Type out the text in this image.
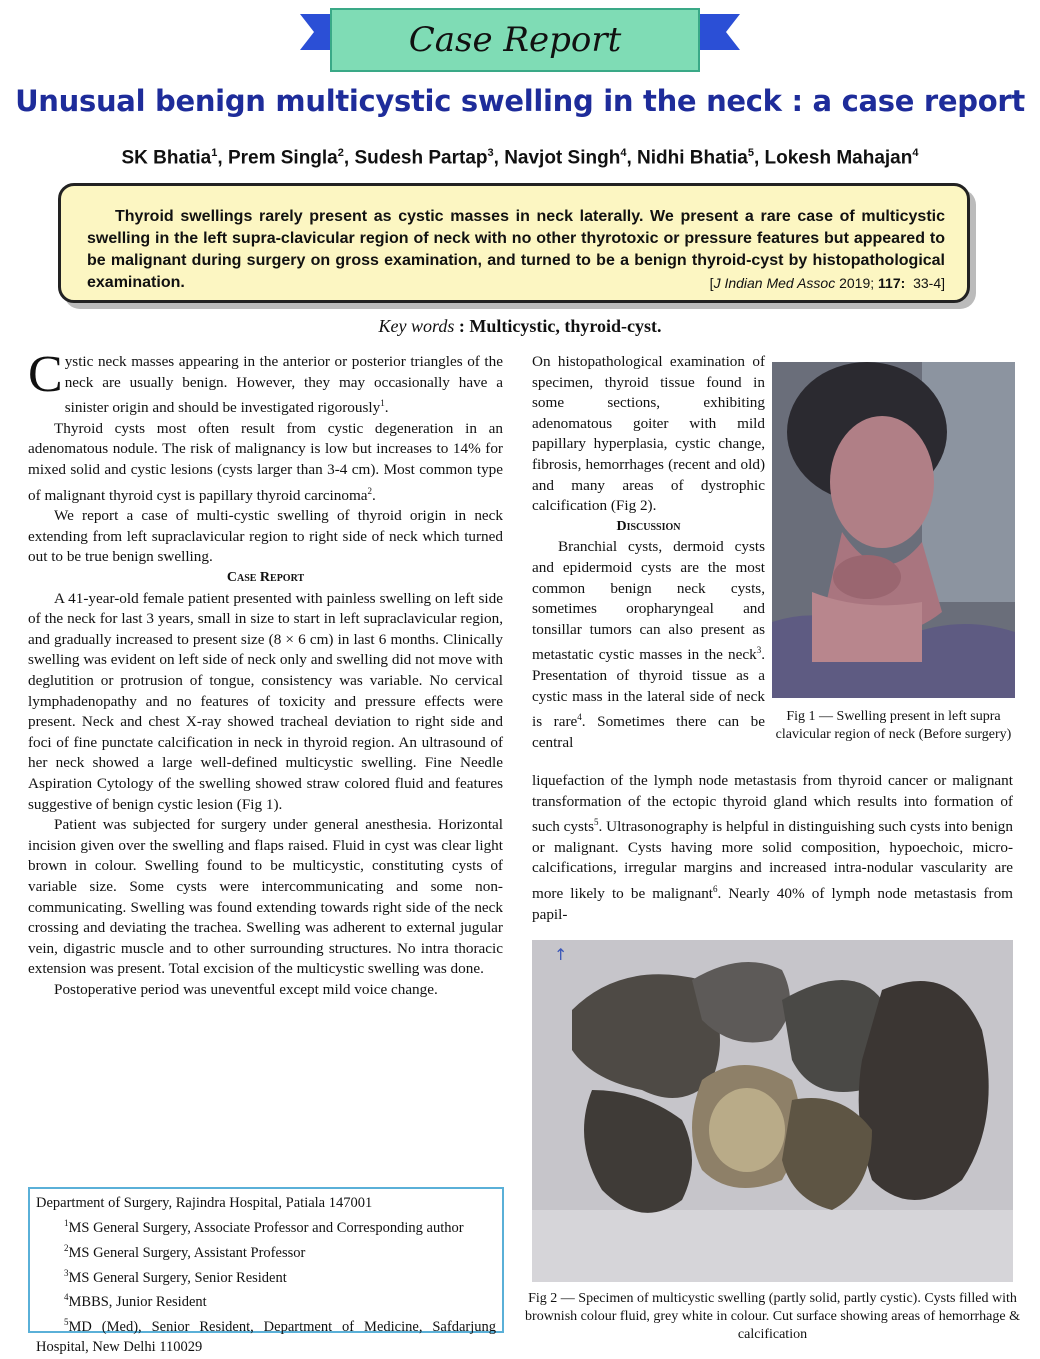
Case Report
Unusual benign multicystic swelling in the neck : a case report
SK Bhatia$^1$, Prem Singla$^2$, Sudesh Partap$^3$, Navjot Singh$^4$, Nidhi Bhatia$^5$, Lokesh Mahajan$^4$
Thyroid swellings rarely present as cystic masses in neck laterally. We present a rare case of multicystic swelling in the left supra-clavicular region of neck with no other thyrotoxic or pressure features but appeared to be malignant during surgery on gross examination, and turned to be a benign thyroid-cyst by histopathological examination.	[J Indian Med Assoc 2019; 117: 33-4]
Key words : Multicystic, thyroid-cyst.

Cystic neck masses appearing in the anterior or posterior triangles of the neck are usually benign. However, they may occasionally have a sinister origin and should be investigated rigorously$^1$.

Thyroid cysts most often result from cystic degeneration in an adenomatous nodule. The risk of malignancy is low but increases to 14% for mixed solid and cystic lesions (cysts larger than 3-4 cm). Most common type of malignant thyroid cyst is papillary thyroid carcinoma$^2$.

We report a case of multi-cystic swelling of thyroid origin in neck extending from left supraclavicular region to right side of neck which turned out to be true benign swelling.

Case Report

A 41-year-old female patient presented with painless swelling on left side of the neck for last 3 years, small in size to start in left supraclavicular region, and gradually increased to present size (8 × 6 cm) in last 6 months. Clinically swelling was evident on left side of neck only and swelling did not move with deglutition or protrusion of tongue, consistency was variable. No cervical lymphadenopathy and no features of toxicity and pressure effects were present. Neck and chest X-ray showed tracheal deviation to right side and foci of fine punctate calcification in neck in thyroid region. An ultrasound of her neck showed a large well-defined multicystic swelling. Fine Needle Aspiration Cytology of the swelling showed straw colored fluid and features suggestive of benign cystic lesion (Fig 1).

Patient was subjected for surgery under general anesthesia. Horizontal incision given over the swelling and flaps raised. Fluid in cyst was clear light brown in colour. Swelling found to be multicystic, constituting cysts of variable size. Some cysts were intercommunicating and some non-communicating. Swelling was found extending towards right side of the neck crossing and deviating the trachea. Swelling was adherent to external jugular vein, digastric muscle and to other surrounding structures. No intra thoracic extension was present. Total excision of the multicystic swelling was done.

Postoperative period was uneventful except mild voice change.

On histopathological examination of specimen, thyroid tissue found in some sections, exhibiting adenomatous goiter with mild papillary hyperplasia, cystic change, fibrosis, hemorrhages (recent and old) and many areas of dystrophic calcification (Fig 2).

Discussion

Branchial cysts, dermoid cysts and epidermoid cysts are the most common benign neck cysts, sometimes oropharyngeal and tonsillar tumors can also present as metastatic cystic masses in the neck$^3$. Presentation of thyroid tissue as a cystic mass in the lateral side of neck is rare$^4$. Sometimes there can be central

liquefaction of the lymph node metastasis from thyroid cancer or malignant transformation of the ectopic thyroid gland which results into formation of such cysts$^5$. Ultrasonography is helpful in distinguishing such cysts into benign or malignant. Cysts having more solid composition, hypoechoic, micro-calcifications, irregular margins and increased intra-nodular vascularity are more likely to be malignant$^6$. Nearly 40% of lymph node metastasis from papil-

Fig 1 — Swelling present in left supra clavicular region of neck (Before surgery)
↑
Fig 2 — Specimen of multicystic swelling (partly solid, partly cystic). Cysts filled with brownish colour fluid, grey white in colour. Cut surface showing areas of hemorrhage & calcification

Department of Surgery, Rajindra Hospital, Patiala 147001

$^1$MS General Surgery, Associate Professor and Corresponding author

$^2$MS General Surgery, Assistant Professor

$^3$MS General Surgery, Senior Resident

$^4$MBBS, Junior Resident

$^5$MD (Med), Senior Resident, Department of Medicine, Safdarjung Hospital, New Delhi 110029
